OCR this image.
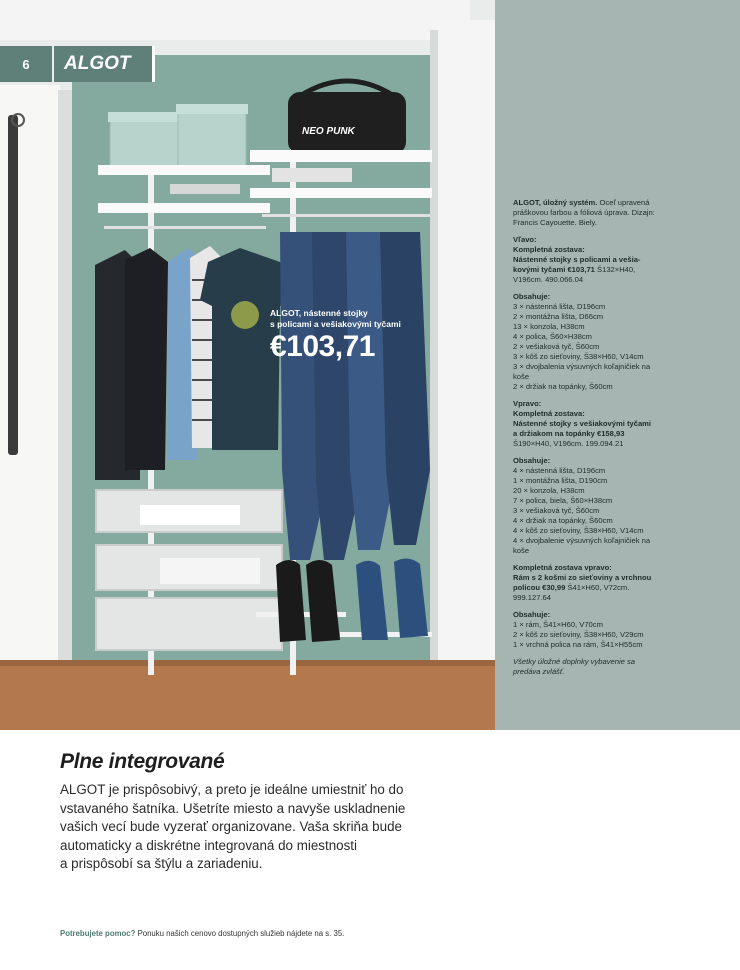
NEO PUNK
6	ALGOT
ALGOT, nástenné stojky
s policami a vešiakovými tyčami
€103,71

ALGOT, úložný systém. Oceľ upravená
práškovou farbou a fóliová úprava. Dizajn:
Francis Cayouette. Biely.

Vľavo:
Kompletná zostava:
Nástenné stojky s policami a vešia-
kovými tyčami €103,71 Š132×H40,
V196cm. 490.066.04

Obsahuje:
3 × nástenná lišta, D196cm
2 × montážna lišta, D66cm
13 × konzola, H38cm
4 × polica, Š60×H38cm
2 × vešiaková tyč, Š60cm
3 × kôš zo sieťoviny, Š38×H60, V14cm
3 × dvojbalenia výsuvných koľajničiek na
koše
2 × držiak na topánky, Š60cm

Vpravo:
Kompletná zostava:
Nástenné stojky s vešiakovými tyčami
a držiakom na topánky €158,93
Š190×H40, V196cm. 199.094.21

Obsahuje:
4 × nástenná lišta, D196cm
1 × montážna lišta, D190cm
20 × konzola, H38cm
7 × polica, biela, Š60×H38cm
3 × vešiaková tyč, Š60cm
4 × držiak na topánky, Š60cm
4 × kôš zo sieťoviny, Š38×H60, V14cm
4 × dvojbalenie výsuvných koľajničiek na
koše

Kompletná zostava vpravo:
Rám s 2 košmi zo sieťoviny a vrchnou
policou €30,99 Š41×H60, V72cm.
999.127.64

Obsahuje:
1 × rám, Š41×H60, V70cm
2 × kôš zo sieťoviny, Š38×H60, V29cm
1 × vrchná polica na rám, Š41×H55cm

Všetky úložné doplnky vybavenie sa
predáva zvlášť.

Plne integrované
ALGOT je prispôsobivý, a preto je ideálne umiestniť ho do
vstavaného šatníka. Ušetríte miesto a navyše uskladnenie
vašich vecí bude vyzerať organizovane. Vaša skriňa bude
automaticky a diskrétne integrovaná do miestnosti
a prispôsobí sa štýlu a zariadeniu.
Potrebujete pomoc? Ponuku našich cenovo dostupných služieb nájdete na s. 35.
